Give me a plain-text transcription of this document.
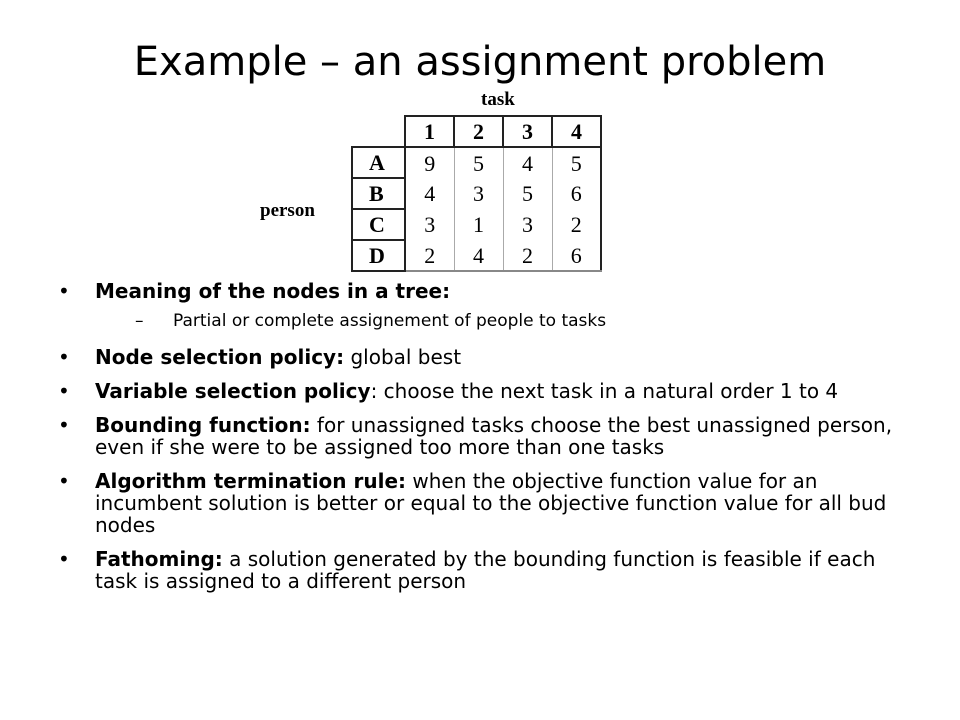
Example – an assignment problem
task
person
	1	2	3	4
A	9	5	4	5
B	4	3	5	6
C	3	1	3	2
D	2	4	2	6
• Meaning of the nodes in a tree:
– Partial or complete assignement of people to tasks
• Node selection policy: global best
• Variable selection policy: choose the next task in a natural order 1 to 4
• Bounding function: for unassigned tasks choose the best unassigned person, even if she were to be assigned too more than one tasks
• Algorithm termination rule: when the objective function value for an incumbent solution is better or equal to the objective function value for all bud nodes
• Fathoming: a solution generated by the bounding function is feasible if each task is assigned to a different person
